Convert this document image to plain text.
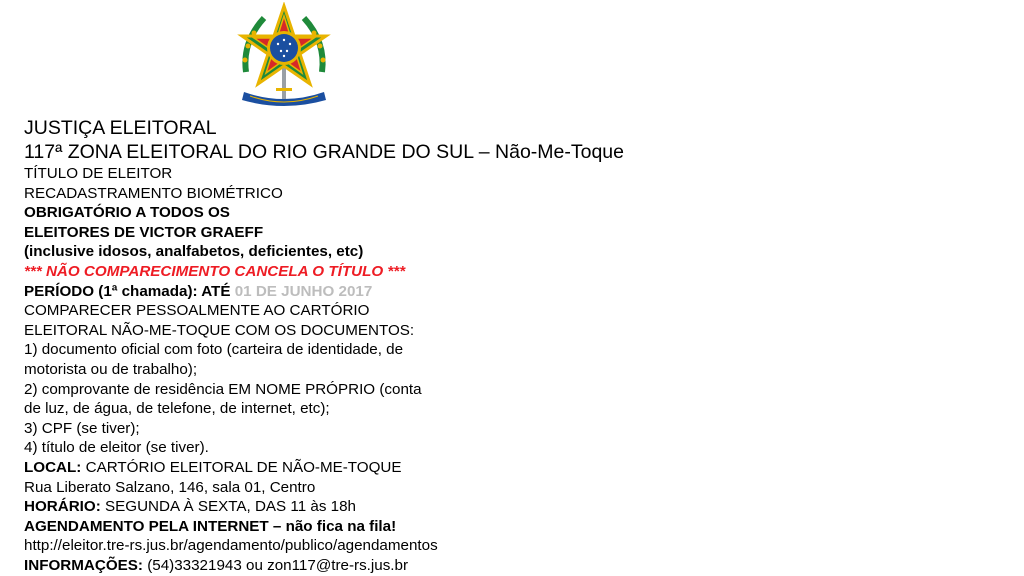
JUSTIÇA ELEITORAL
117ª ZONA ELEITORAL DO RIO GRANDE DO SUL – Não-Me-Toque
TÍTULO DE ELEITOR
RECADASTRAMENTO BIOMÉTRICO
OBRIGATÓRIO A TODOS OS
ELEITORES DE VICTOR GRAEFF
(inclusive idosos, analfabetos, deficientes, etc)
*** NÃO COMPARECIMENTO CANCELA O TÍTULO ***
PERÍODO (1ª chamada): ATÉ 01 DE JUNHO 2017
COMPARECER PESSOALMENTE AO CARTÓRIO
ELEITORAL NÃO-ME-TOQUE COM OS DOCUMENTOS:
1) documento oficial com foto (carteira de identidade, de
motorista ou de trabalho);
2) comprovante de residência EM NOME PRÓPRIO (conta
de luz, de água, de telefone, de internet, etc);
3) CPF (se tiver);
4) título de eleitor (se tiver).
LOCAL: CARTÓRIO ELEITORAL DE NÃO-ME-TOQUE
Rua Liberato Salzano, 146, sala 01, Centro
HORÁRIO: SEGUNDA À SEXTA, DAS 11 às 18h
AGENDAMENTO PELA INTERNET – não fica na fila!
http://eleitor.tre-rs.jus.br/agendamento/publico/agendamentos
INFORMAÇÕES: (54)33321943 ou zon117@tre-rs.jus.br
